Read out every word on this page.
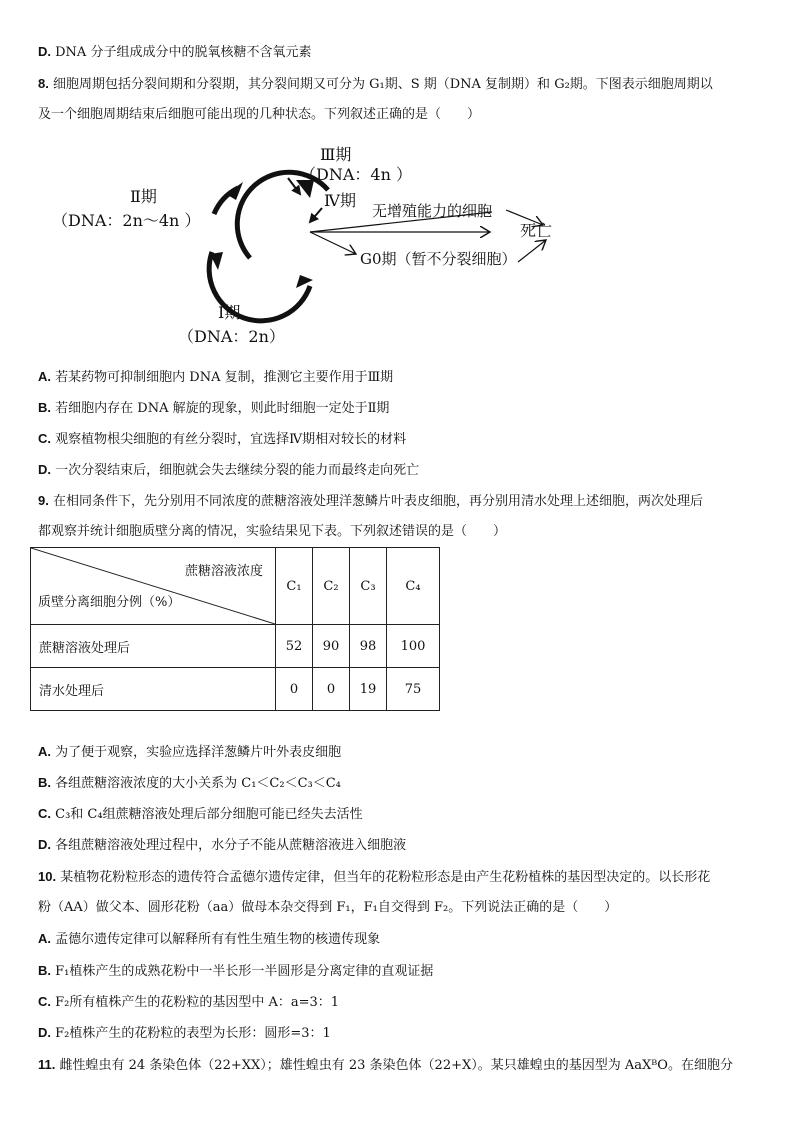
D. DNA 分子组成成分中的脱氧核糖不含氧元素
8. 细胞周期包括分裂间期和分裂期，其分裂间期又可分为 G₁期、S 期（DNA 复制期）和 G₂期。下图表示细胞周期以
及一个细胞周期结束后细胞可能出现的几种状态。下列叙述正确的是（　　）
Ⅲ期
（DNA：4n ）
Ⅱ期
（DNA：2n～4n ）
Ⅳ期
无增殖能力的细胞
死亡
G0期（暂不分裂细胞）
Ⅰ期
（DNA：2n）
A. 若某药物可抑制细胞内 DNA 复制，推测它主要作用于Ⅲ期
B. 若细胞内存在 DNA 解旋的现象，则此时细胞一定处于Ⅱ期
C. 观察植物根尖细胞的有丝分裂时，宜选择Ⅳ期相对较长的材料
D. 一次分裂结束后，细胞就会失去继续分裂的能力而最终走向死亡
9. 在相同条件下，先分别用不同浓度的蔗糖溶液处理洋葱鳞片叶表皮细胞，再分别用清水处理上述细胞，两次处理后
都观察并统计细胞质壁分离的情况，实验结果见下表。下列叙述错误的是（　　）
蔗糖溶液浓度
质壁分离细胞分例（%）	C₁	C₂	C₃	C₄
蔗糖溶液处理后	52	90	98	100
清水处理后	0	0	19	75
A. 为了便于观察，实验应选择洋葱鳞片叶外表皮细胞
B. 各组蔗糖溶液浓度的大小关系为 C₁＜C₂＜C₃＜C₄
C. C₃和 C₄组蔗糖溶液处理后部分细胞可能已经失去活性
D. 各组蔗糖溶液处理过程中，水分子不能从蔗糖溶液进入细胞液
10. 某植物花粉粒形态的遗传符合孟德尔遗传定律，但当年的花粉粒形态是由产生花粉植株的基因型决定的。以长形花
粉（AA）做父本、圆形花粉（aa）做母本杂交得到 F₁，F₁自交得到 F₂。下列说法正确的是（　　）
A. 孟德尔遗传定律可以解释所有有性生殖生物的核遗传现象
B. F₁植株产生的成熟花粉中一半长形一半圆形是分离定律的直观证据
C. F₂所有植株产生的花粉粒的基因型中 A：a=3：1
D. F₂植株产生的花粉粒的表型为长形：圆形=3：1
11. 雌性蝗虫有 24 条染色体（22+XX）；雄性蝗虫有 23 条染色体（22+X）。某只雄蝗虫的基因型为 AaXᴮO。在细胞分
